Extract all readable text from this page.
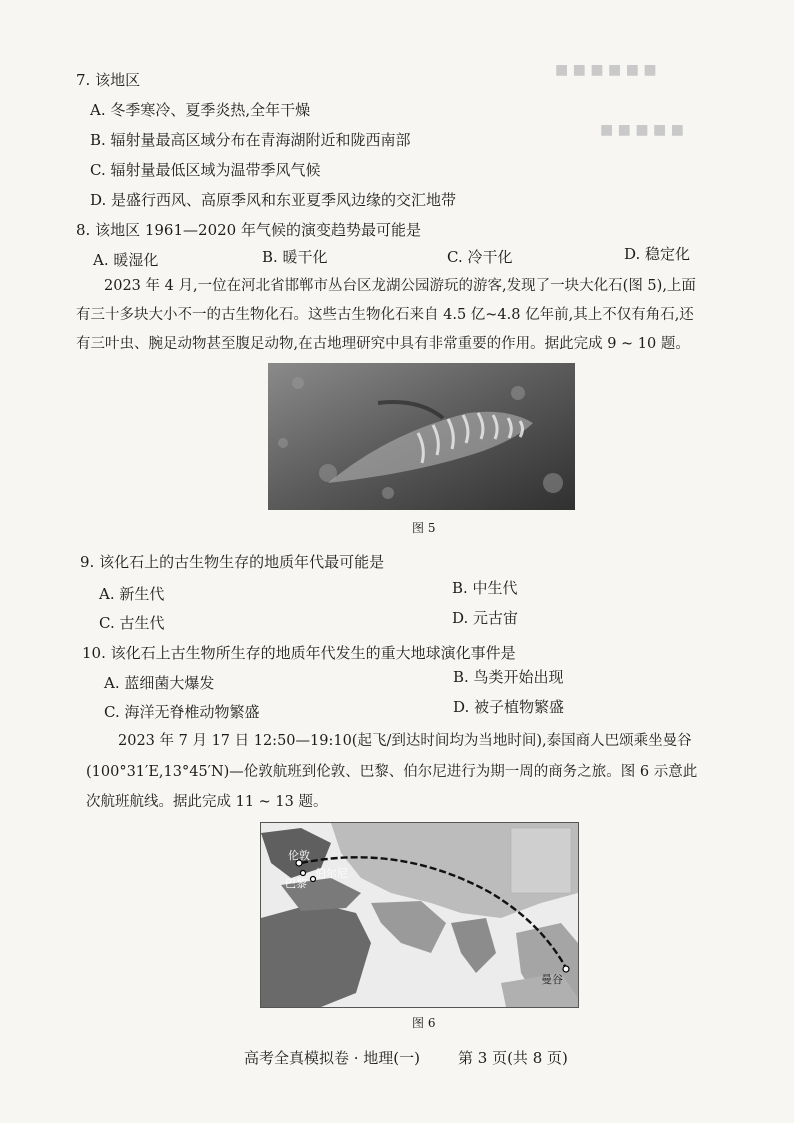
■ ■ ■ ■ ■ ■
■ ■ ■ ■ ■
7. 该地区
A. 冬季寒冷、夏季炎热,全年干燥
B. 辐射量最高区域分布在青海湖附近和陇西南部
C. 辐射量最低区域为温带季风气候
D. 是盛行西风、高原季风和东亚夏季风边缘的交汇地带
8. 该地区 1961—2020 年气候的演变趋势最可能是
A. 暖湿化	B. 暖干化	C. 冷干化	D. 稳定化
2023 年 4 月,一位在河北省邯郸市丛台区龙湖公园游玩的游客,发现了一块大化石(图 5),上面
有三十多块大小不一的古生物化石。这些古生物化石来自 4.5 亿~4.8 亿年前,其上不仅有角石,还
有三叶虫、腕足动物甚至腹足动物,在古地理研究中具有非常重要的作用。据此完成 9 ~ 10 题。
图 5
9. 该化石上的古生物生存的地质年代最可能是
A. 新生代	B. 中生代
C. 古生代	D. 元古宙
10. 该化石上古生物所生存的地质年代发生的重大地球演化事件是
A. 蓝细菌大爆发	B. 鸟类开始出现
C. 海洋无脊椎动物繁盛	D. 被子植物繁盛
2023 年 7 月 17 日 12:50—19:10(起飞/到达时间均为当地时间),泰国商人巴颂乘坐曼谷
(100°31′E,13°45′N)—伦敦航班到伦敦、巴黎、伯尔尼进行为期一周的商务之旅。图 6 示意此
次航班航线。据此完成 11 ~ 13 题。
伦敦
巴黎
伯尔尼
曼谷
图 6
高考全真模拟卷 · 地理(一)	第 3 页(共 8 页)
